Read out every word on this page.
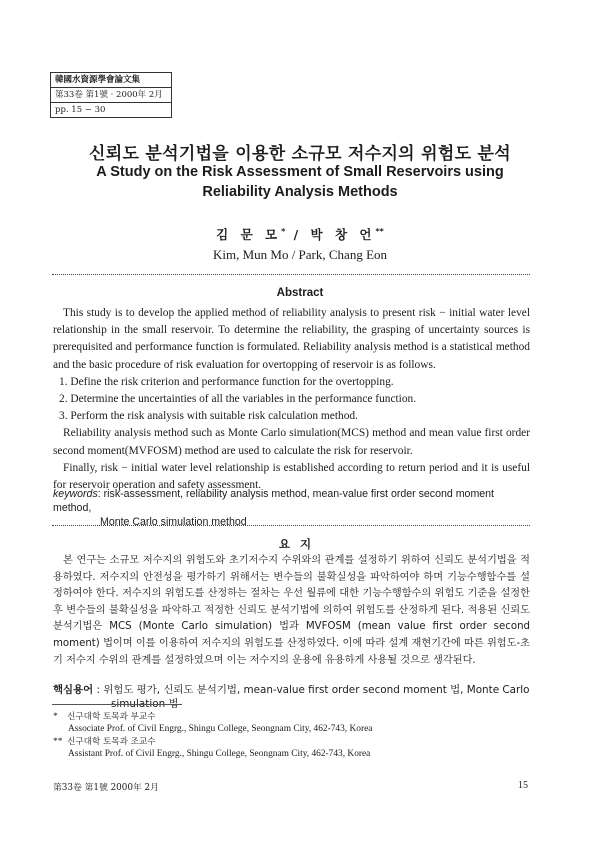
韓國水資源學會論文集
第33卷 第1號 · 2000年 2月
pp. 15 ~ 30
신뢰도 분석기법을 이용한 소규모 저수지의 위험도 분석
A Study on the Risk Assessment of Small Reservoirs using
Reliability Analysis Methods
김 문 모* / 박 창 언**
Kim, Mun Mo / Park, Chang Eon
Abstract

This study is to develop the applied method of reliability analysis to present risk − initial water level relationship in the small reservoir. To determine the reliability, the grasping of uncertainty sources is prerequisited and performance function is formulated. Reliability analysis method is a statistical method and the basic procedure of risk evaluation for overtopping of reservoir is as follows.

1. Define the risk criterion and performance function for the overtopping.

2. Determine the uncertainties of all the variables in the performance function.

3. Perform the risk analysis with suitable risk calculation method.

Reliability analysis method such as Monte Carlo simulation(MCS) method and mean value first order second moment(MVFOSM) method are used to calculate the risk for reservoir.

Finally, risk − initial water level relationship is established according to return period and it is useful for reservoir operation and safety assessment.

keywords: risk-assessment, reliability analysis method, mean-value first order second moment method,
Monte Carlo simulation method
요지

본 연구는 소규모 저수지의 위험도와 초기저수지 수위와의 관계를 설정하기 위하여 신뢰도 분석기법을 적용하였다. 저수지의 안전성을 평가하기 위해서는 변수들의 불확실성을 파악하여야 하며 기능수행함수를 설정하여야 한다. 저수지의 위험도를 산정하는 절차는 우선 월류에 대한 기능수행함수의 위험도 기준을 설정한 후 변수들의 불확실성을 파악하고 적정한 신뢰도 분석기법에 의하여 위험도를 산정하게 된다. 적용된 신뢰도 분석기법은 MCS (Monte Carlo simulation) 법과 MVFOSM (mean value first order second moment) 법이며 이를 이용하여 저수지의 위험도를 산정하였다. 이에 따라 설계 재현기간에 따른 위험도-초기 저수지 수위의 관계를 설정하였으며 이는 저수지의 운용에 유용하게 사용될 것으로 생각된다.

핵심용어 : 위험도 평가, 신뢰도 분석기법, mean-value first order second moment 법, Monte Carlo
simulation 법
* 신구대학 토목과 부교수
Associate Prof. of Civil Engrg., Shingu College, Seongnam City, 462-743, Korea
** 신구대학 토목과 조교수
Assistant Prof. of Civil Engrg., Shingu College, Seongnam City, 462-743, Korea
第33卷 第1號 2000年 2月	15
